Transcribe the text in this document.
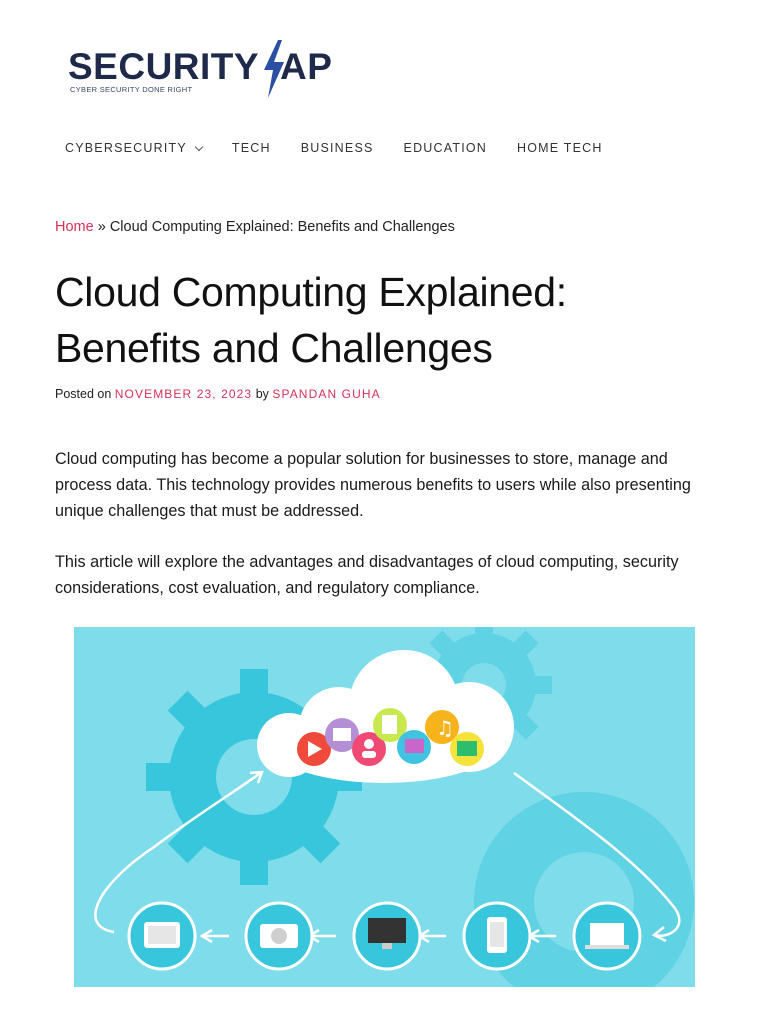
SECURITY AP
CYBER SECURITY DONE RIGHT
CYBERSECURITY	TECH BUSINESS EDUCATION HOME TECH
Home » Cloud Computing Explained: Benefits and Challenges
Cloud Computing Explained: Benefits and Challenges
Posted on NOVEMBER 23, 2023 by SPANDAN GUHA

Cloud computing has become a popular solution for businesses to store, manage and process data. This technology provides numerous benefits to users while also presenting unique challenges that must be addressed.

This article will explore the advantages and disadvantages of cloud computing, security considerations, cost evaluation, and regulatory compliance.

♫
